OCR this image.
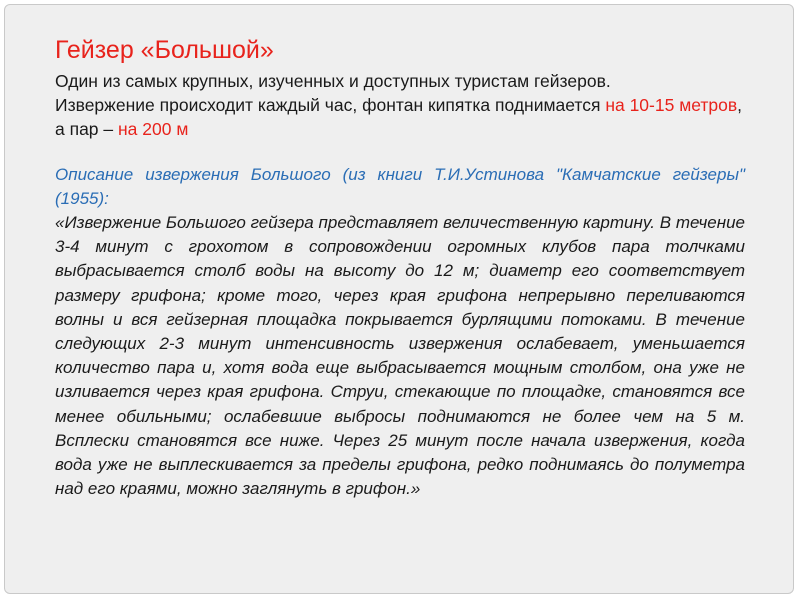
Гейзер «Большой»

Один из самых крупных, изученных и доступных туристам гейзеров.
Извержение происходит каждый час, фонтан кипятка поднимается на 10-15 метров, а пар – на 200 м

Описание извержения Большого (из книги Т.И.Устинова "Камчатские гейзеры" (1955):

«Извержение Большого гейзера представляет величественную картину. В течение 3-4 минут с грохотом в сопровождении огромных клубов пара толчками выбрасывается столб воды на высоту до 12 м; диаметр его соответствует размеру грифона; кроме того, через края грифона непрерывно переливаются волны и вся гейзерная площадка покрывается бурлящими потоками. В течение следующих 2-3 минут интенсивность извержения ослабевает, уменьшается количество пара и, хотя вода еще выбрасывается мощным столбом, она уже не изливается через края грифона. Струи, стекающие по площадке, становятся все менее обильными; ослабевшие выбросы поднимаются не более чем на 5 м. Всплески становятся все ниже. Через 25 минут после начала извержения, когда вода уже не выплескивается за пределы грифона, редко поднимаясь до полуметра над его краями, можно заглянуть в грифон.»
